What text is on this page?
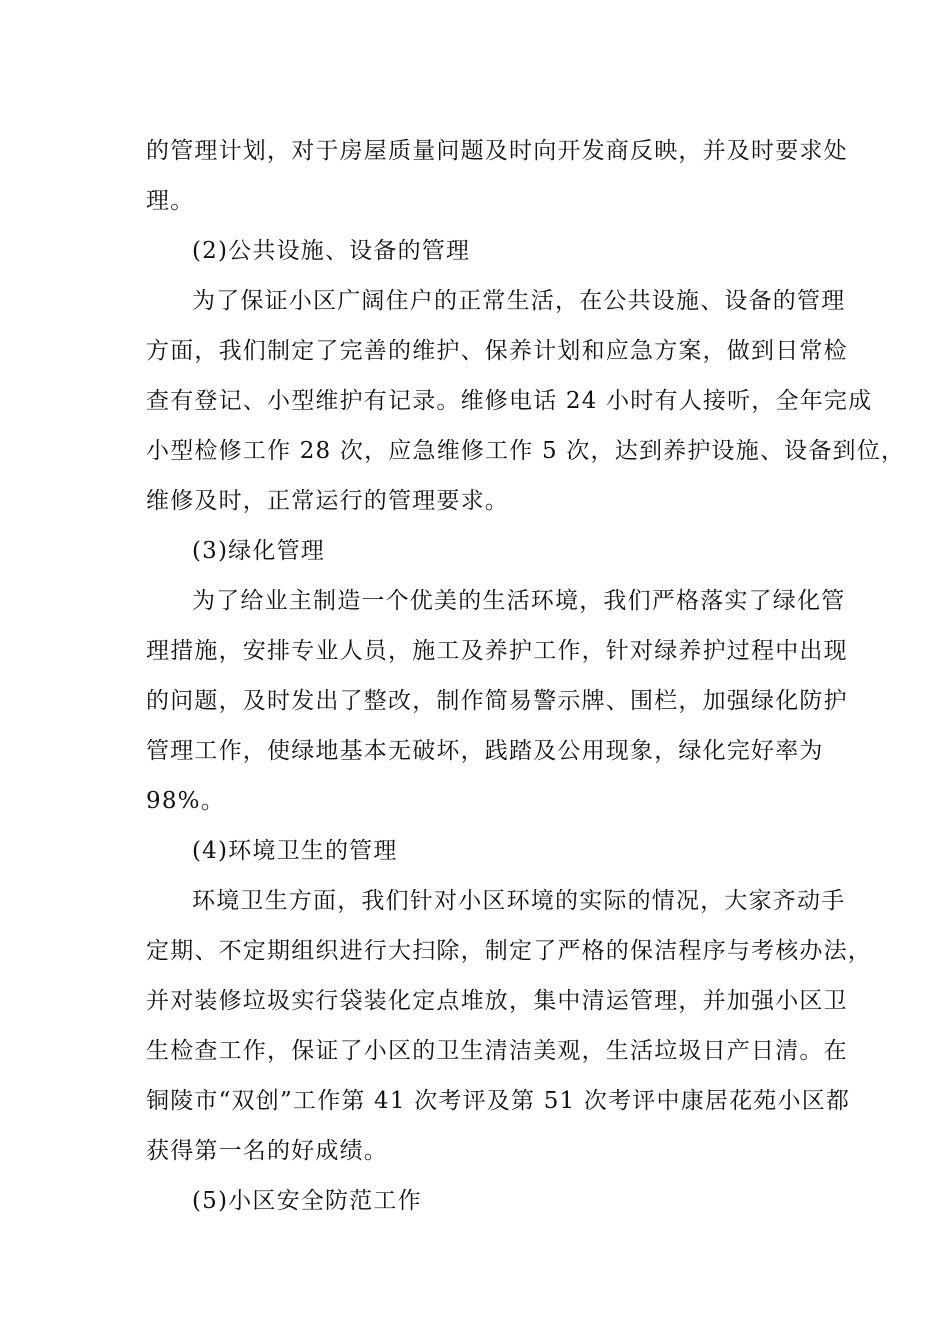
的管理计划，对于房屋质量问题及时向开发商反映，并及时要求处
理。
(2)公共设施、设备的管理
为了保证小区广阔住户的正常生活，在公共设施、设备的管理
方面，我们制定了完善的维护、保养计划和应急方案，做到日常检
查有登记、小型维护有记录。维修电话 24 小时有人接听，全年完成
小型检修工作 28 次，应急维修工作 5 次，达到养护设施、设备到位，
维修及时，正常运行的管理要求。
(3)绿化管理
为了给业主制造一个优美的生活环境，我们严格落实了绿化管
理措施，安排专业人员，施工及养护工作，针对绿养护过程中出现
的问题，及时发出了整改，制作简易警示牌、围栏，加强绿化防护
管理工作，使绿地基本无破坏，践踏及公用现象，绿化完好率为
98%。
(4)环境卫生的管理
环境卫生方面，我们针对小区环境的实际的情况，大家齐动手
定期、不定期组织进行大扫除，制定了严格的保洁程序与考核办法，
并对装修垃圾实行袋装化定点堆放，集中清运管理，并加强小区卫
生检查工作，保证了小区的卫生清洁美观，生活垃圾日产日清。在
铜陵市“双创”工作第 41 次考评及第 51 次考评中康居花苑小区都
获得第一名的好成绩。
(5)小区安全防范工作
